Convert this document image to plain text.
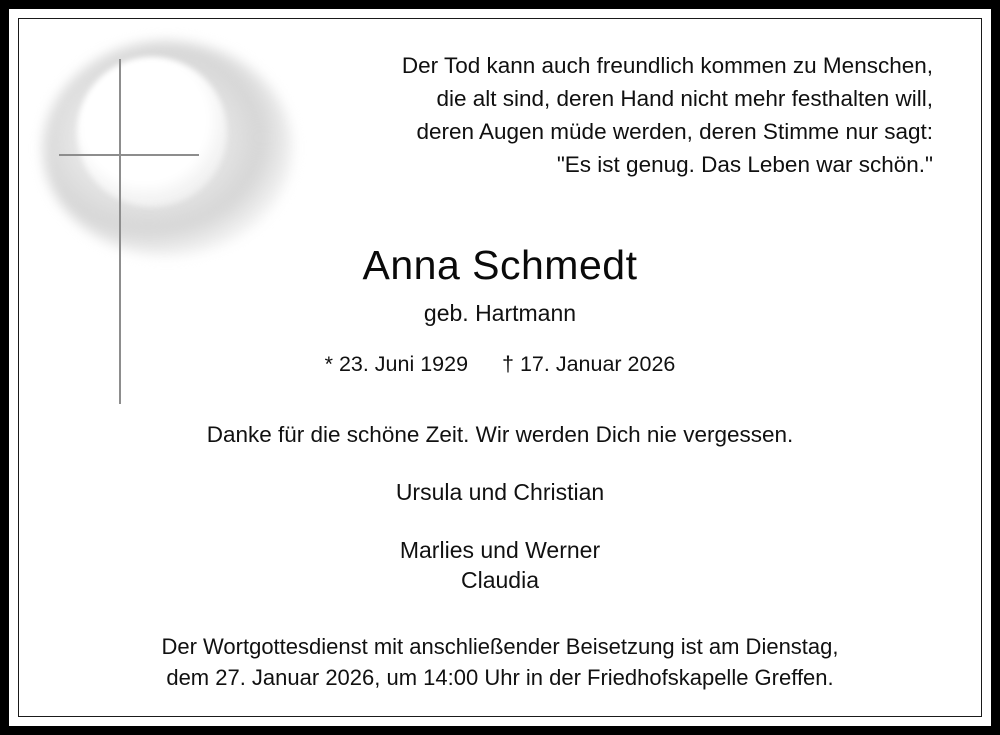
Der Tod kann auch freundlich kommen zu Menschen,
die alt sind, deren Hand nicht mehr festhalten will,
deren Augen müde werden, deren Stimme nur sagt:
"Es ist genug. Das Leben war schön."
Anna Schmedt
geb. Hartmann
* 23. Juni 1929 † 17. Januar 2026
Danke für die schöne Zeit. Wir werden Dich nie vergessen.
Ursula und Christian
Marlies und Werner
Claudia
Der Wortgottesdienst mit anschließender Beisetzung ist am Dienstag,
dem 27. Januar 2026, um 14:00 Uhr in der Friedhofskapelle Greffen.
